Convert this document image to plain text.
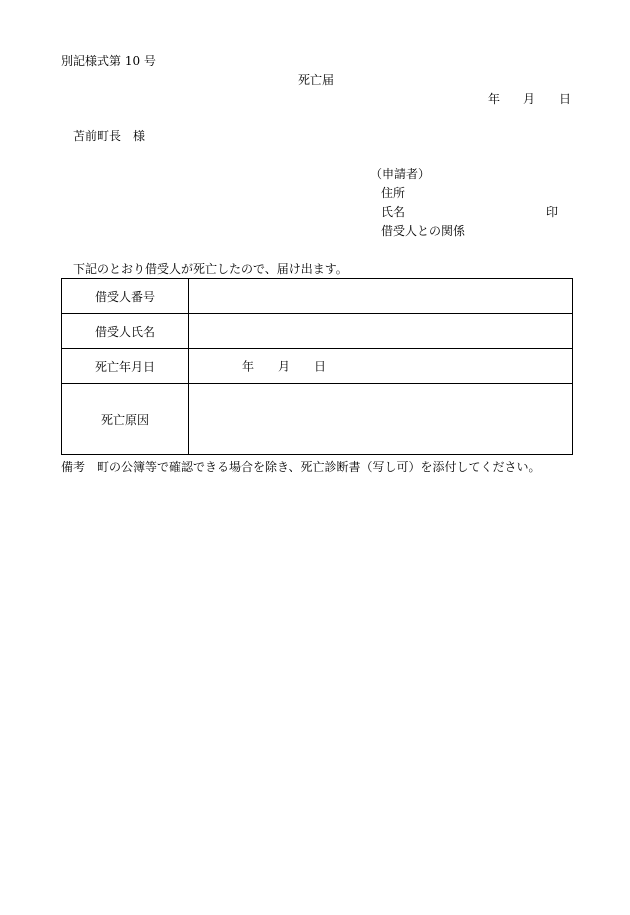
別記様式第 10 号
死亡届
年 月 日
苫前町長　様
（申請者）
住所
氏名	印
借受人との関係
下記のとおり借受人が死亡したので、届け出ます。
借受人番号	
借受人氏名	
死亡年月日	年 月 日

死亡原因	
備考　町の公簿等で確認できる場合を除き、死亡診断書（写し可）を添付してください。
